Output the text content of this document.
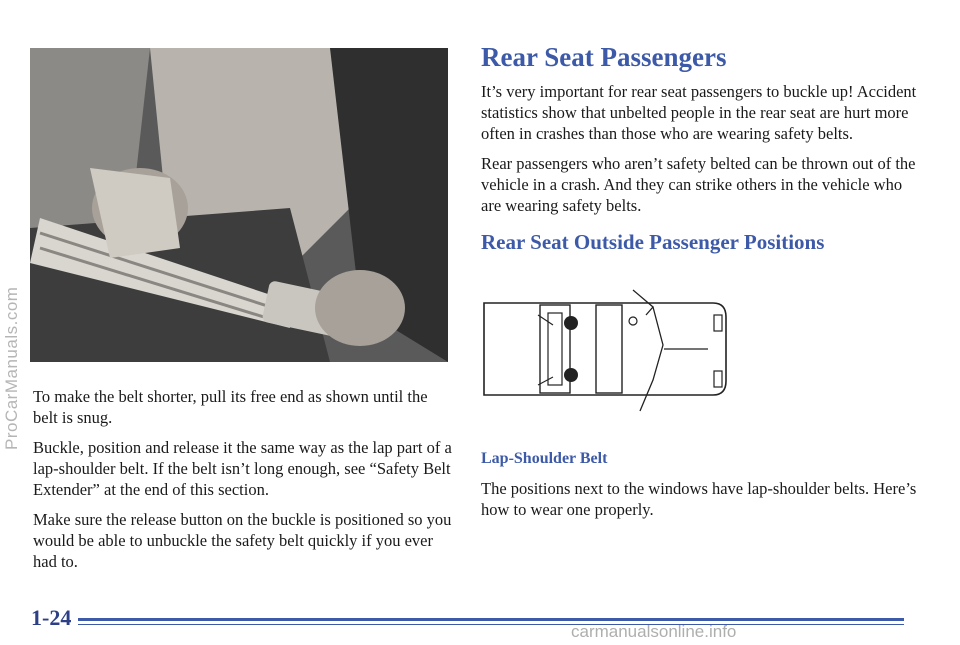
ProCarManuals.com To make the belt shorter, pull its free end as shown until the belt is snug.

Buckle, position and release it the same way as the lap part of a lap-shoulder belt. If the belt isn’t long enough, see “Safety Belt Extender” at the end of this section.

Make sure the release button on the buckle is positioned so you would be able to unbuckle the safety belt quickly if you ever had to.

Rear Seat Passengers

It’s very important for rear seat passengers to buckle up! Accident statistics show that unbelted people in the rear seat are hurt more often in crashes than those who are wearing safety belts.

Rear passengers who aren’t safety belted can be thrown out of the vehicle in a crash. And they can strike others in the vehicle who are wearing safety belts.

Rear Seat Outside Passenger Positions
Lap-Shoulder Belt

The positions next to the windows have lap-shoulder belts. Here’s how to wear one properly.

1-24
carmanualsonline.info
